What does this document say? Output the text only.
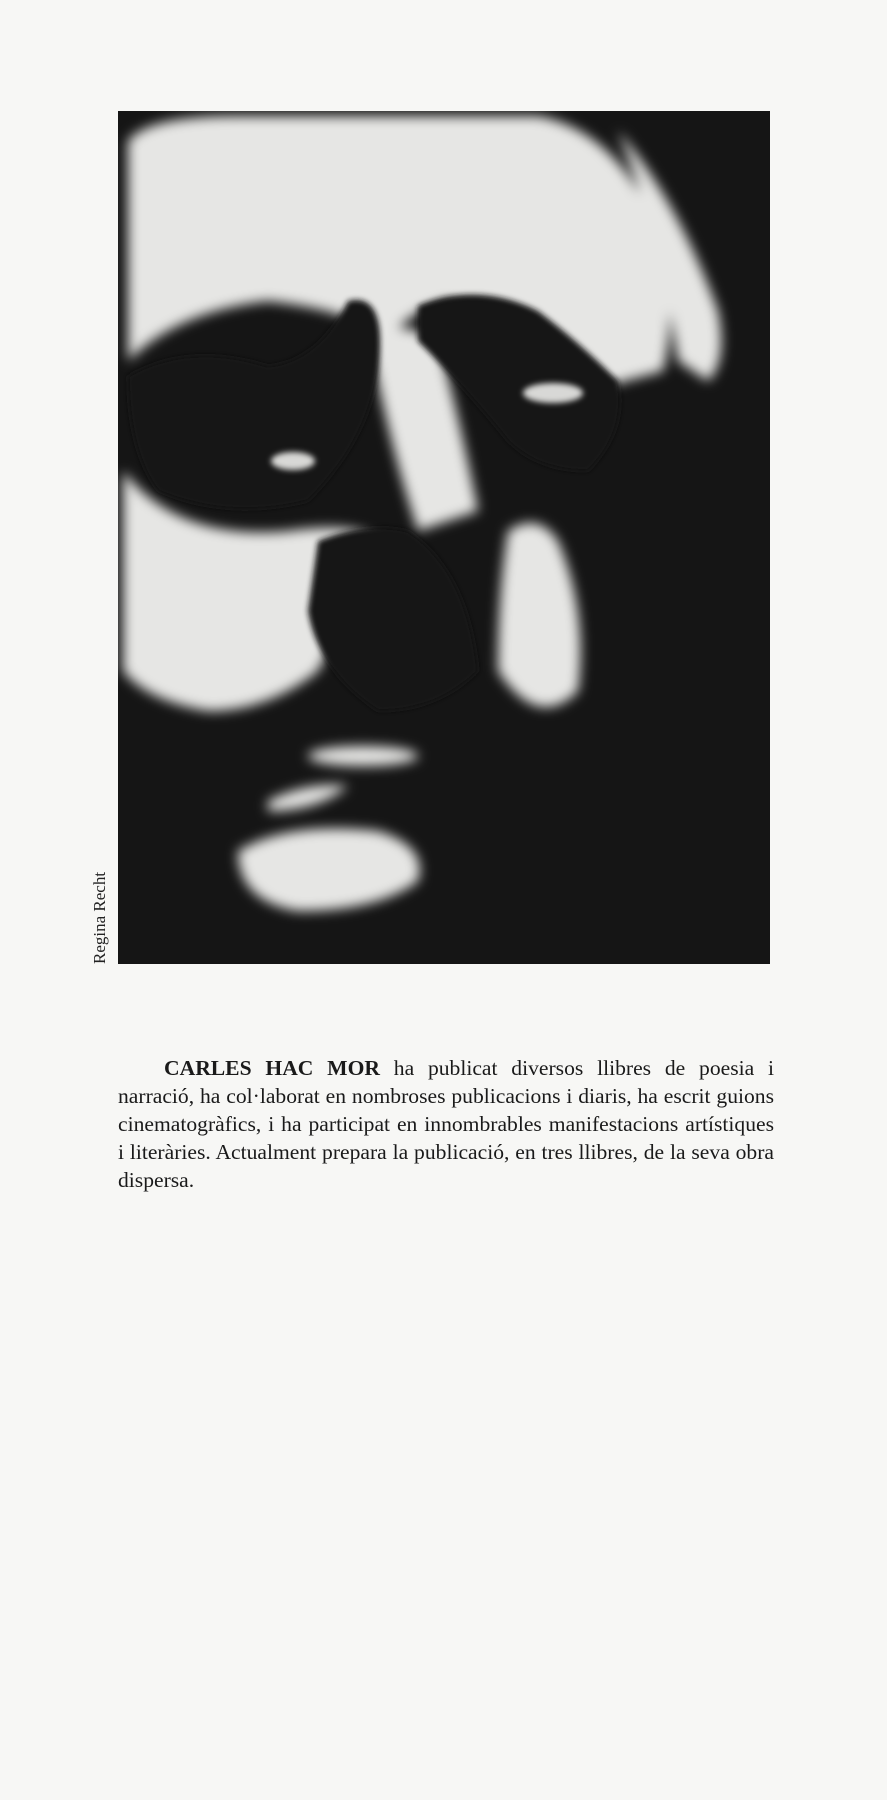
Regina Recht

CARLES HAC MOR ha publicat diversos llibres de poesia i narració, ha col·laborat en nombroses publicacions i diaris, ha escrit guions cinematogràfics, i ha participat en innombrables manifestacions artístiques i literàries. Actualment prepara la publicació, en tres llibres, de la seva obra dispersa.
